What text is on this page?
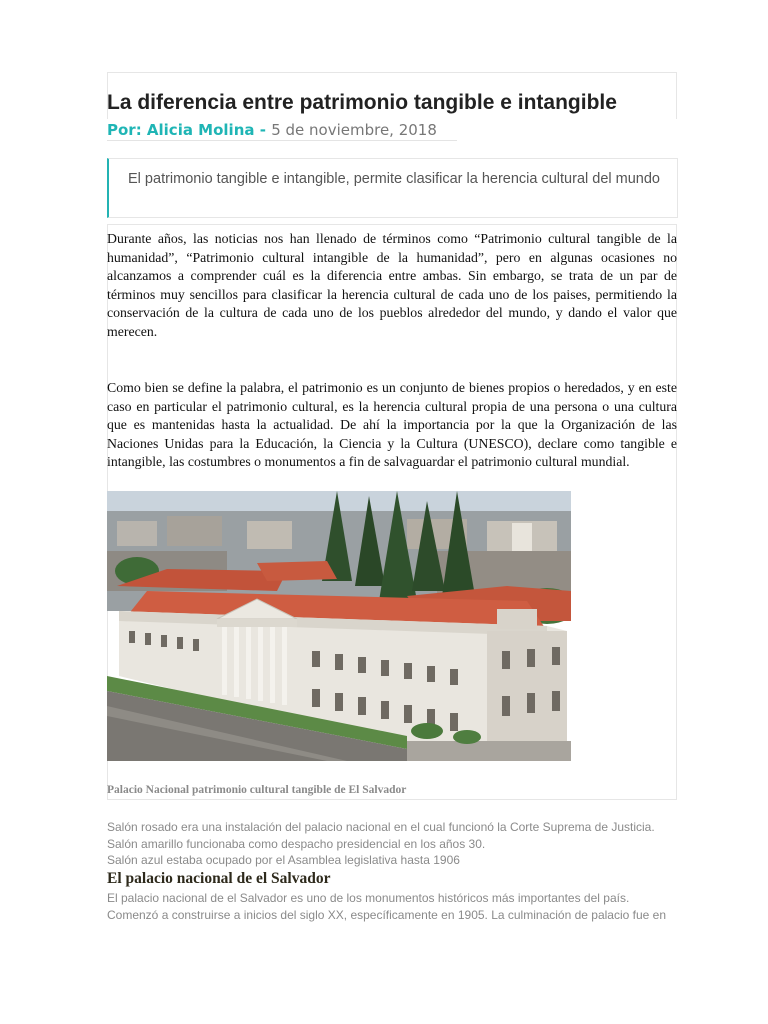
La diferencia entre patrimonio tangible e intangible
Por: Alicia Molina - 5 de noviembre, 2018
El patrimonio tangible e intangible, permite clasificar la herencia cultural del mundo

Durante años, las noticias nos han llenado de términos como “Patrimonio cultural tangible de la humanidad”, “Patrimonio cultural intangible de la humanidad”, pero en algunas ocasiones no alcanzamos a comprender cuál es la diferencia entre ambas. Sin embargo, se trata de un par de términos muy sencillos para clasificar la herencia cultural de cada uno de los paises, permitiendo la conservación de la cultura de cada uno de los pueblos alrededor del mundo, y dando el valor que merecen.

Como bien se define la palabra, el patrimonio es un conjunto de bienes propios o heredados, y en este caso en particular el patrimonio cultural, es la herencia cultural propia de una persona o una cultura que es mantenidas hasta la actualidad. De ahí la importancia por la que la Organización de las Naciones Unidas para la Educación, la Ciencia y la Cultura (UNESCO), declare como tangible e intangible, las costumbres o monumentos a fin de salvaguardar el patrimonio cultural mundial.

Palacio Nacional patrimonio cultural tangible de El Salvador
Salón rosado era una instalación del palacio nacional en el cual funcionó la Corte Suprema de Justicia.
Salón amarillo funcionaba como despacho presidencial en los años 30.
Salón azul estaba ocupado por el Asamblea legislativa hasta 1906
El palacio nacional de el Salvador

El palacio nacional de el Salvador es uno de los monumentos históricos más importantes del país. Comenzó a construirse a inicios del siglo XX, específicamente en 1905. La culminación de palacio fue en
